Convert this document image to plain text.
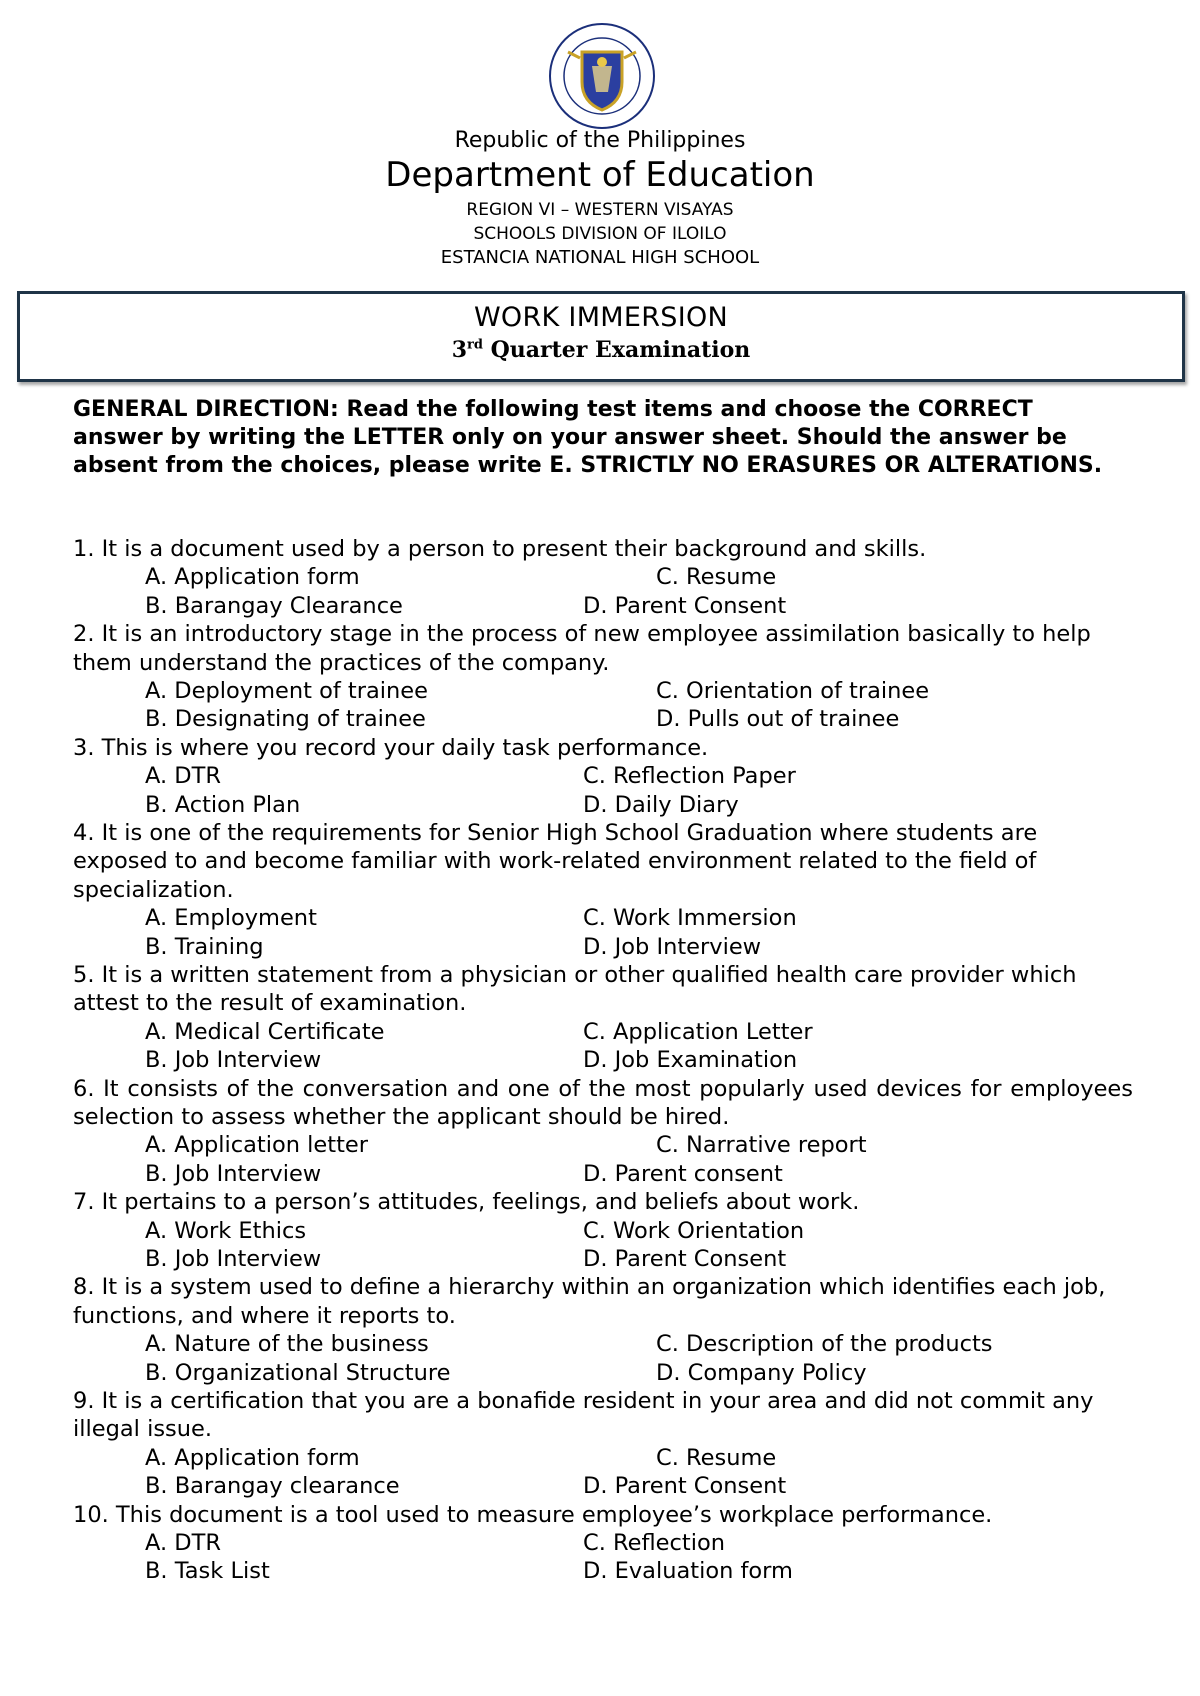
Republic of the Philippines
Department of Education
REGION VI – WESTERN VISAYAS
SCHOOLS DIVISION OF ILOILO
ESTANCIA NATIONAL HIGH SCHOOL
WORK IMMERSION
3rd Quarter Examination
GENERAL DIRECTION: Read the following test items and choose the CORRECT answer by writing the LETTER only on your answer sheet. Should the answer be absent from the choices, please write E. STRICTLY NO ERASURES OR ALTERATIONS.

1. It is a document used by a person to present their background and skills.

A. Application form	C. Resume
B. Barangay Clearance	D. Parent Consent

2. It is an introductory stage in the process of new employee assimilation basically to help them understand the practices of the company.

A. Deployment of trainee	C. Orientation of trainee
B. Designating of trainee	D. Pulls out of trainee

3. This is where you record your daily task performance.

A. DTR	C. Reflection Paper
B. Action Plan	D. Daily Diary

4. It is one of the requirements for Senior High School Graduation where students are exposed to and become familiar with work-related environment related to the field of specialization.

A. Employment	C. Work Immersion
B. Training	D. Job Interview

5. It is a written statement from a physician or other qualified health care provider which attest to the result of examination.

A. Medical Certificate	C. Application Letter
B. Job Interview	D. Job Examination

6. It consists of the conversation and one of the most popularly used devices for employees selection to assess whether the applicant should be hired.

A. Application letter	C. Narrative report
B. Job Interview	D. Parent consent

7. It pertains to a person’s attitudes, feelings, and beliefs about work.

A. Work Ethics	C. Work Orientation
B. Job Interview	D. Parent Consent

8. It is a system used to define a hierarchy within an organization which identifies each job, functions, and where it reports to.

A. Nature of the business	C. Description of the products
B. Organizational Structure	D. Company Policy

9. It is a certification that you are a bonafide resident in your area and did not commit any illegal issue.

A. Application form	C. Resume
B. Barangay clearance	D. Parent Consent

10. This document is a tool used to measure employee’s workplace performance.

A. DTR	C. Reflection
B. Task List	D. Evaluation form
